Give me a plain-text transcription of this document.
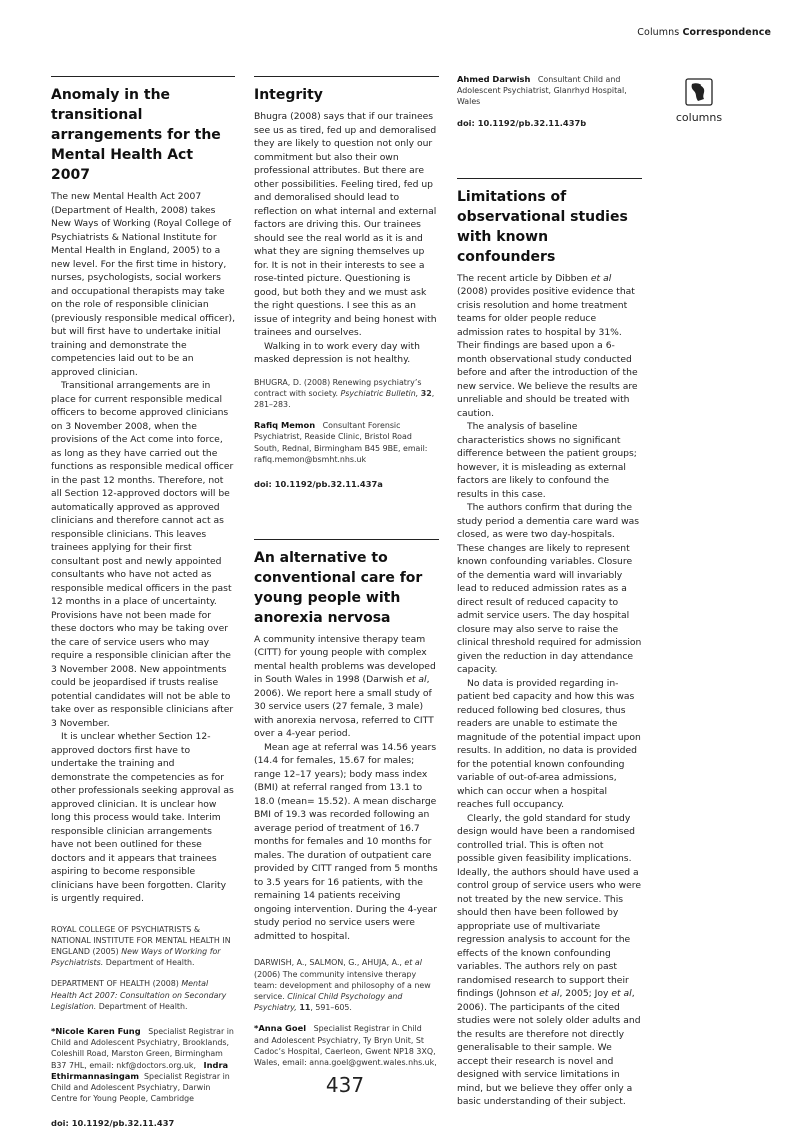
Columns Correspondence
Anomaly in the transitional arrangements for the Mental Health Act 2007

The new Mental Health Act 2007 (Department of Health, 2008) takes New Ways of Working (Royal College of Psychiatrists & National Institute for Mental Health in England, 2005) to a new level. For the first time in history, nurses, psychologists, social workers and occupational therapists may take on the role of responsible clinician (previously responsible medical officer), but will first have to undertake initial training and demonstrate the competencies laid out to be an approved clinician.

Transitional arrangements are in place for current responsible medical officers to become approved clinicians on 3 November 2008, when the provisions of the Act come into force, as long as they have carried out the functions as responsible medical officer in the past 12 months. Therefore, not all Section 12-approved doctors will be automatically approved as approved clinicians and therefore cannot act as responsible clinicians. This leaves trainees applying for their first consultant post and newly appointed consultants who have not acted as responsible medical officers in the past 12 months in a place of uncertainty. Provisions have not been made for these doctors who may be taking over the care of service users who may require a responsible clinician after the 3 November 2008. New appointments could be jeopardised if trusts realise potential candidates will not be able to take over as responsible clinicians after 3 November.

It is unclear whether Section 12-approved doctors first have to undertake the training and demonstrate the competencies as for other professionals seeking approval as approved clinician. It is unclear how long this process would take. Interim responsible clinician arrangements have not been outlined for these doctors and it appears that trainees aspiring to become responsible clinicians have been forgotten. Clarity is urgently required.

ROYAL COLLEGE OF PSYCHIATRISTS & NATIONAL INSTITUTE FOR MENTAL HEALTH IN ENGLAND (2005) New Ways of Working for Psychiatrists. Department of Health.
DEPARTMENT OF HEALTH (2008) Mental Health Act 2007: Consultation on Secondary Legislation. Department of Health.
*Nicole Karen Fung Specialist Registrar in Child and Adolescent Psychiatry, Brooklands, Coleshill Road, Marston Green, Birmingham B37 7HL, email: nkf@doctors.org.uk, Indra Ethirmannasingam Specialist Registrar in Child and Adolescent Psychiatry, Darwin Centre for Young People, Cambridge
doi: 10.1192/pb.32.11.437
Integrity

Bhugra (2008) says that if our trainees see us as tired, fed up and demoralised they are likely to question not only our commitment but also their own professional attributes. But there are other possibilities. Feeling tired, fed up and demoralised should lead to reflection on what internal and external factors are driving this. Our trainees should see the real world as it is and what they are signing themselves up for. It is not in their interests to see a rose-tinted picture. Questioning is good, but both they and we must ask the right questions. I see this as an issue of integrity and being honest with trainees and ourselves.

Walking in to work every day with masked depression is not healthy.

BHUGRA, D. (2008) Renewing psychiatry’s contract with society. Psychiatric Bulletin, 32, 281–283.
Rafiq Memon Consultant Forensic Psychiatrist, Reaside Clinic, Bristol Road South, Rednal, Birmingham B45 9BE, email: rafiq.memon@bsmht.nhs.uk
doi: 10.1192/pb.32.11.437a
An alternative to conventional care for young people with anorexia nervosa

A community intensive therapy team (CITT) for young people with complex mental health problems was developed in South Wales in 1998 (Darwish et al, 2006). We report here a small study of 30 service users (27 female, 3 male) with anorexia nervosa, referred to CITT over a 4-year period.

Mean age at referral was 14.56 years (14.4 for females, 15.67 for males; range 12–17 years); body mass index (BMI) at referral ranged from 13.1 to 18.0 (mean= 15.52). A mean discharge BMI of 19.3 was recorded following an average period of treatment of 16.7 months for females and 10 months for males. The duration of outpatient care provided by CITT ranged from 5 months to 3.5 years for 16 patients, with the remaining 14 patients receiving ongoing intervention. During the 4-year study period no service users were admitted to hospital.

DARWISH, A., SALMON, G., AHUJA, A., et al (2006) The community intensive therapy team: development and philosophy of a new service. Clinical Child Psychology and Psychiatry, 11, 591–605.
*Anna Goel Specialist Registrar in Child and Adolescent Psychiatry, Ty Bryn Unit, St Cadoc’s Hospital, Caerleon, Gwent NP18 3XQ, Wales, email: anna.goel@gwent.wales.nhs.uk,
Ahmed Darwish Consultant Child and Adolescent Psychiatrist, Glanrhyd Hospital, Wales
doi: 10.1192/pb.32.11.437b
Limitations of observational studies with known confounders

The recent article by Dibben et al (2008) provides positive evidence that crisis resolution and home treatment teams for older people reduce admission rates to hospital by 31%. Their findings are based upon a 6-month observational study conducted before and after the introduction of the new service. We believe the results are unreliable and should be treated with caution.

The analysis of baseline characteristics shows no significant difference between the patient groups; however, it is misleading as external factors are likely to confound the results in this case.

The authors confirm that during the study period a dementia care ward was closed, as were two day-hospitals. These changes are likely to represent known confounding variables. Closure of the dementia ward will invariably lead to reduced admission rates as a direct result of reduced capacity to admit service users. The day hospital closure may also serve to raise the clinical threshold required for admission given the reduction in day attendance capacity.

No data is provided regarding in-patient bed capacity and how this was reduced following bed closures, thus readers are unable to estimate the magnitude of the potential impact upon results. In addition, no data is provided for the potential known confounding variable of out-of-area admissions, which can occur when a hospital reaches full occupancy.

Clearly, the gold standard for study design would have been a randomised controlled trial. This is often not possible given feasibility implications. Ideally, the authors should have used a control group of service users who were not treated by the new service. This should then have been followed by appropriate use of multivariate regression analysis to account for the effects of the known confounding variables. The authors rely on past randomised research to support their findings (Johnson et al, 2005; Joy et al, 2006). The participants of the cited studies were not solely older adults and the results are therefore not directly generalisable to their sample. We accept their research is novel and designed with service limitations in mind, but we believe they offer only a basic understanding of their subject.

columns
437
